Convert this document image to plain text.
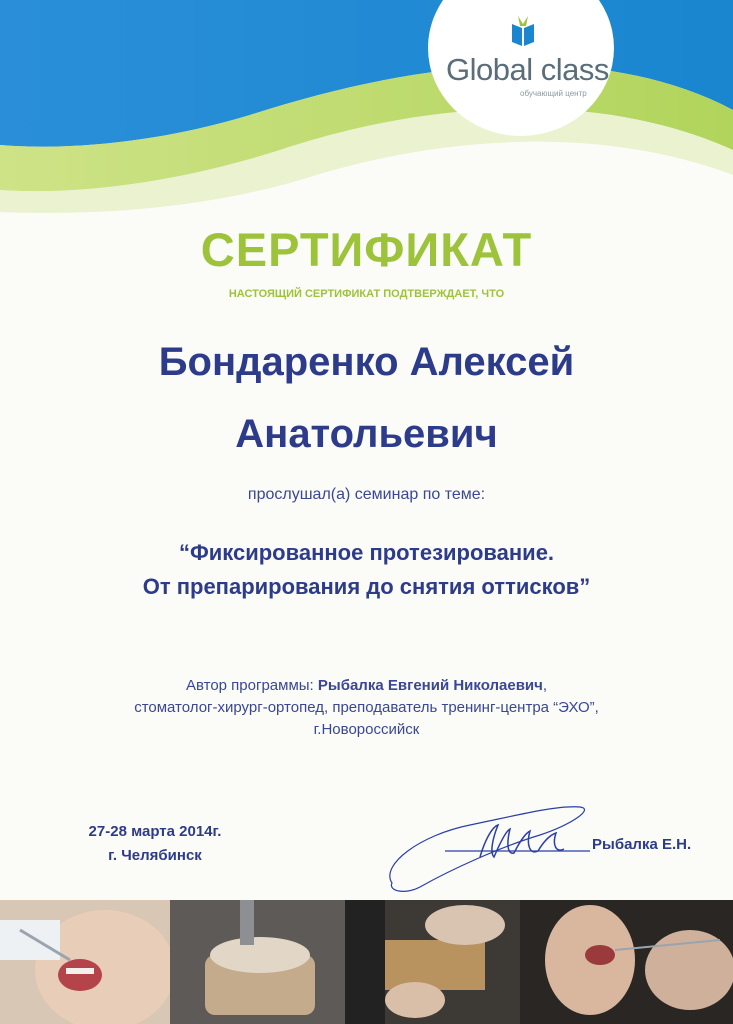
Global class
обучающий центр
СЕРТИФИКАТ
НАСТОЯЩИЙ СЕРТИФИКАТ ПОДТВЕРЖДАЕТ, ЧТО
Бондаренко Алексей
Анатольевич
прослушал(а) семинар по теме:
“Фиксированное протезирование.
От препарирования до снятия оттисков”
Автор программы: Рыбалка Евгений Николаевич,
стоматолог-хирург-ортопед, преподаватель тренинг-центра “ЭХО”,
г.Новороссийск
27-28 марта 2014г.
г. Челябинск
Рыбалка Е.Н.
